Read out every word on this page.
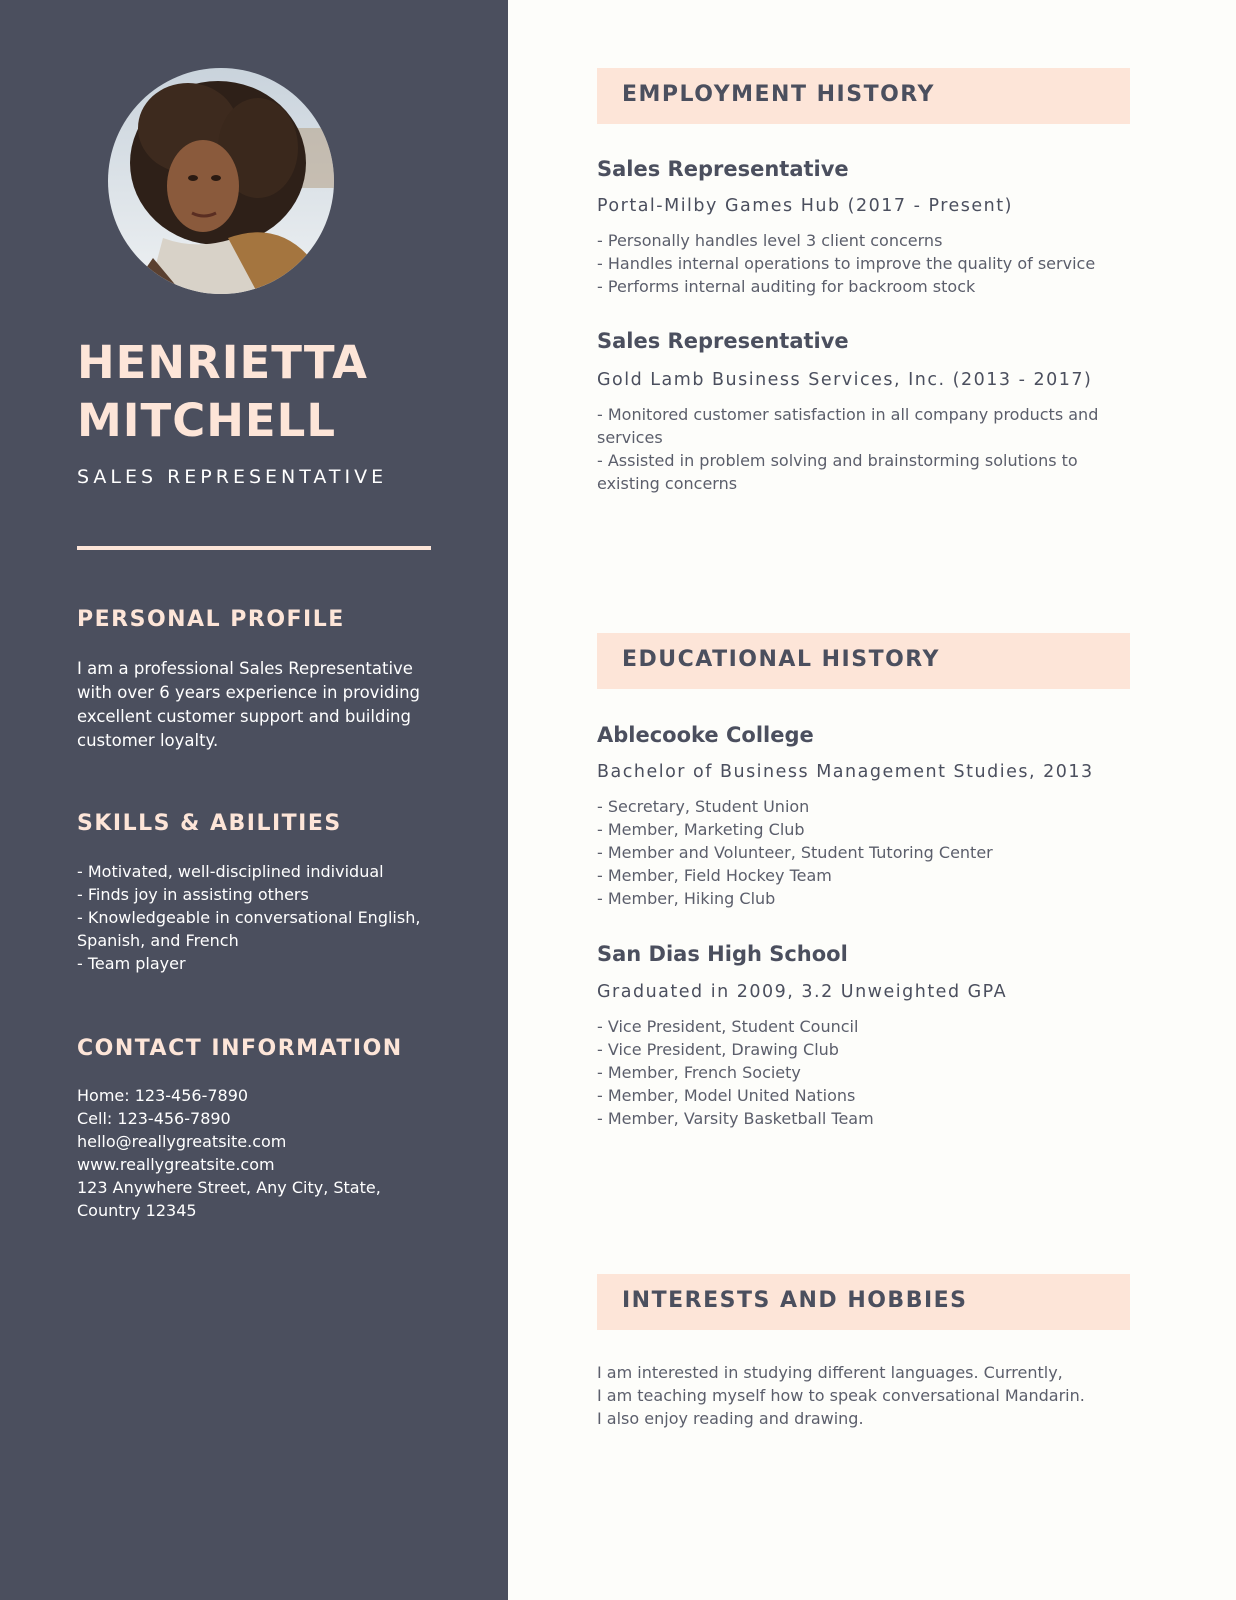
HENRIETTA
MITCHELL
SALES REPRESENTATIVE
PERSONAL PROFILE
I am a professional Sales Representative with over 6 years experience in providing excellent customer support and building customer loyalty.
SKILLS & ABILITIES
- Motivated, well-disciplined individual
- Finds joy in assisting others
- Knowledgeable in conversational English, Spanish, and French
- Team player
CONTACT INFORMATION
Home: 123-456-7890
Cell: 123-456-7890
hello@reallygreatsite.com
www.reallygreatsite.com
123 Anywhere Street, Any City, State, Country 12345
EMPLOYMENT HISTORY
Sales Representative
Portal-Milby Games Hub (2017 - Present)
- Personally handles level 3 client concerns
- Handles internal operations to improve the quality of service
- Performs internal auditing for backroom stock
Sales Representative
Gold Lamb Business Services, Inc. (2013 - 2017)
- Monitored customer satisfaction in all company products and services
- Assisted in problem solving and brainstorming solutions to existing concerns
EDUCATIONAL HISTORY
Ablecooke College
Bachelor of Business Management Studies, 2013
- Secretary, Student Union
- Member, Marketing Club
- Member and Volunteer, Student Tutoring Center
- Member, Field Hockey Team
- Member, Hiking Club
San Dias High School
Graduated in 2009, 3.2 Unweighted GPA
- Vice President, Student Council
- Vice President, Drawing Club
- Member, French Society
- Member, Model United Nations
- Member, Varsity Basketball Team
INTERESTS AND HOBBIES
I am interested in studying different languages. Currently,
I am teaching myself how to speak conversational Mandarin.
I also enjoy reading and drawing.
